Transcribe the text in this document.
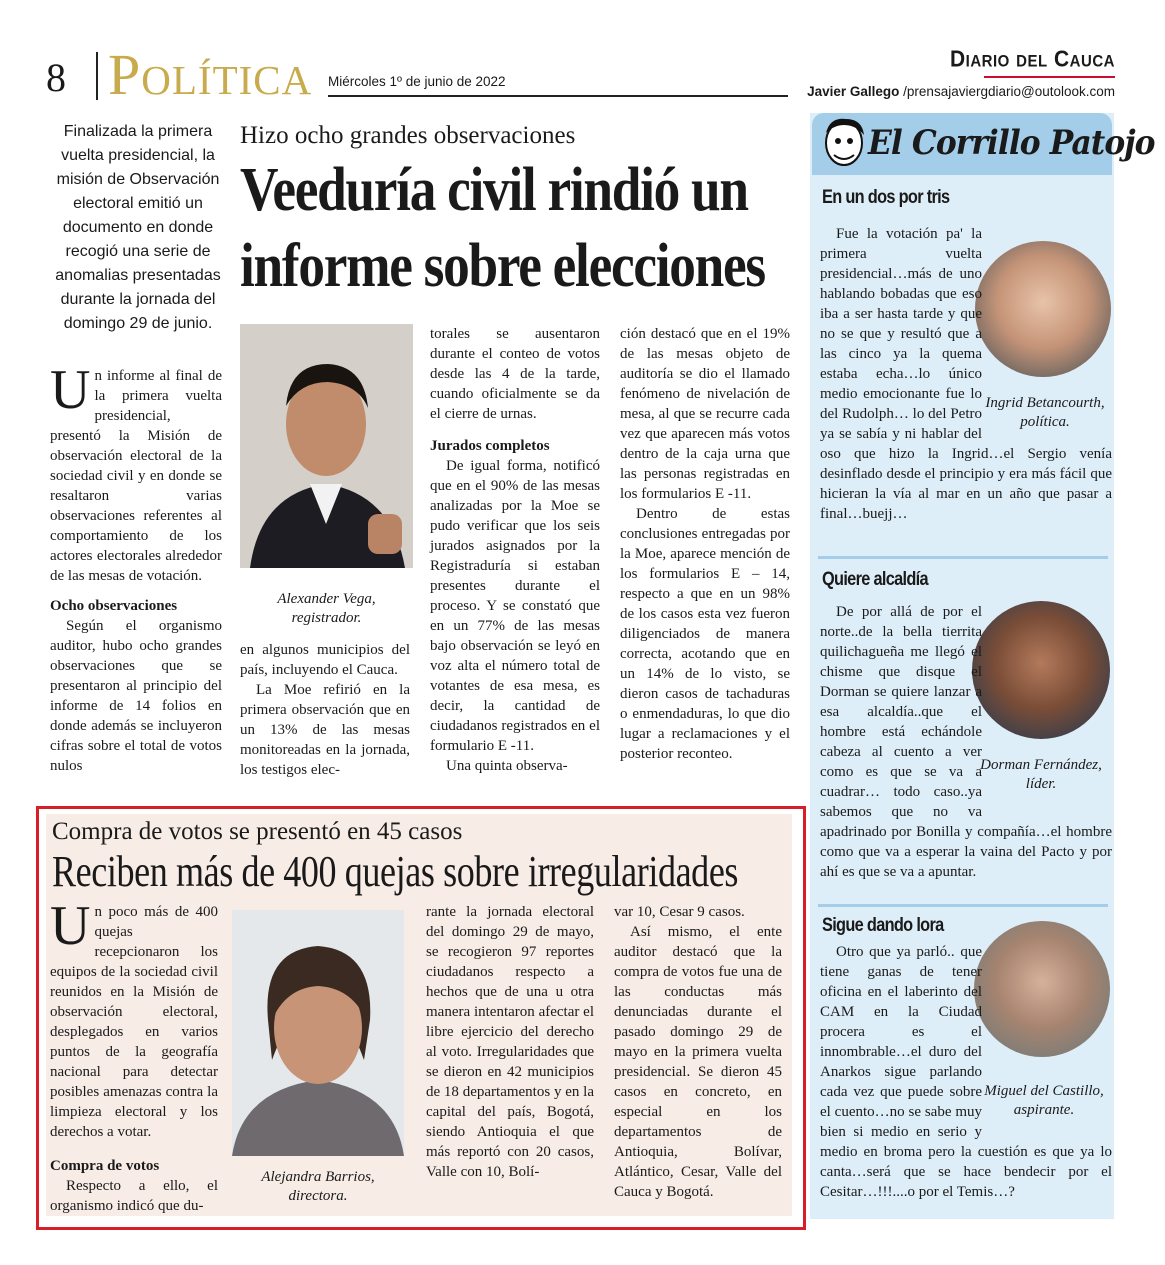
8 Política Miércoles 1º de junio de 2022
Diario del Cauca
Javier Gallego /prensajaviergdiario@outolook.com
Finalizada la primera vuelta presidencial, la misión de Observación electoral emitió un documento en donde recogió una serie de anomalias presentadas durante la jornada del domingo 29 de junio.
Hizo ocho grandes observaciones
Veeduría civil rindió un
informe sobre elecciones

Un informe al final de la primera vuelta presidencial, presentó la Misión de observación electoral de la sociedad civil y en donde se resaltaron varias observaciones referentes al comportamiento de los actores electorales alrededor de las mesas de votación.

Ocho observaciones

Según el organismo auditor, hubo ocho grandes observaciones que se presentaron al principio del informe de 14 folios en donde además se incluyeron cifras sobre el total de votos nulos

Alexander Vega,
registrador.

en algunos municipios del país, incluyendo el Cauca.

La Moe refirió en la primera observación que en un 13% de las mesas monitoreadas en la jornada, los testigos elec-

torales se ausentaron durante el conteo de votos desde las 4 de la tarde, cuando oficialmente se da el cierre de urnas.

Jurados completos

De igual forma, notificó que en el 90% de las mesas analizadas por la Moe se pudo verificar que los seis jurados asignados por la Registraduría si estaban presentes durante el proceso. Y se constató que en un 77% de las mesas bajo observación se leyó en voz alta el número total de votantes de esa mesa, es decir, la cantidad de ciudadanos registrados en el formulario E -11.

Una quinta observa-

ción destacó que en el 19% de las mesas objeto de auditoría se dio el llamado fenómeno de nivelación de mesa, al que se recurre cada vez que aparecen más votos dentro de la caja urna que las personas registradas en los formularios E -11.

Dentro de estas conclusiones entregadas por la Moe, aparece mención de los formularios E – 14, respecto a que en un 98% de los casos esta vez fueron diligenciados de manera correcta, acotando que en un 14% de lo visto, se dieron casos de tachaduras o enmendaduras, lo que dio lugar a reclamaciones y el posterior reconteo.

Compra de votos se presentó en 45 casos
Reciben más de 400 quejas sobre irregularidades

Un poco más de 400 quejas recepcionaron los equipos de la sociedad civil reunidos en la Misión de observación electoral, desplegados en varios puntos de la geografía nacional para detectar posibles amenazas contra la limpieza electoral y los derechos a votar.

Compra de votos

Respecto a ello, el organismo indicó que du-

Alejandra Barrios,
directora.

rante la jornada electoral del domingo 29 de mayo, se recogieron 97 reportes ciudadanos respecto a hechos que de una u otra manera intentaron afectar el libre ejercicio del derecho al voto. Irregularidades que se dieron en 42 municipios de 18 departamentos y en la capital del país, Bogotá, siendo Antioquia el que más reportó con 20 casos, Valle con 10, Bolí-

var 10, Cesar 9 casos.

Así mismo, el ente auditor destacó que la compra de votos fue una de las conductas más denunciadas durante el pasado domingo 29 de mayo en la primera vuelta presidencial. Se dieron 45 casos en concreto, en especial en los departamentos de Antioquia, Bolívar, Atlántico, Cesar, Valle del Cauca y Bogotá.

El Corrillo Patojo
En un dos por tris
Ingrid Betancourth,
política.

Fue la votación pa' la primera vuelta presidencial…más de uno hablando bobadas que eso iba a ser hasta tarde y que no se que y resultó que a las cinco ya la quema estaba echa…lo único medio emocionante fue lo del Rudolph… lo del Petro ya se sabía y ni hablar del oso que hizo la Ingrid…el Sergio venía desinflado desde el principio y era más fácil que hicieran la vía al mar en un año que pasar a final…buejj…

Quiere alcaldía
Dorman Fernández,
líder.

De por allá de por el norte..de la bella tierrita quilichagueña me llegó el chisme que disque el Dorman se quiere lanzar a esa alcaldía..que el hombre está echándole cabeza al cuento a ver como es que se va a cuadrar… todo caso..ya sabemos que no va apadrinado por Bonilla y compañía…el hombre como que va a esperar la vaina del Pacto y por ahí es que se va a apuntar.

Sigue dando lora
Miguel del Castillo,
aspirante.

Otro que ya parló.. que tiene ganas de tener oficina en el laberinto del CAM en la Ciudad procera es el innombrable…el duro del Anarkos sigue parlando cada vez que puede sobre el cuento…no se sabe muy bien si medio en serio y medio en broma pero la cuestión es que ya lo canta…será que se hace bendecir por el Cesitar…!!!....o por el Temis…?
